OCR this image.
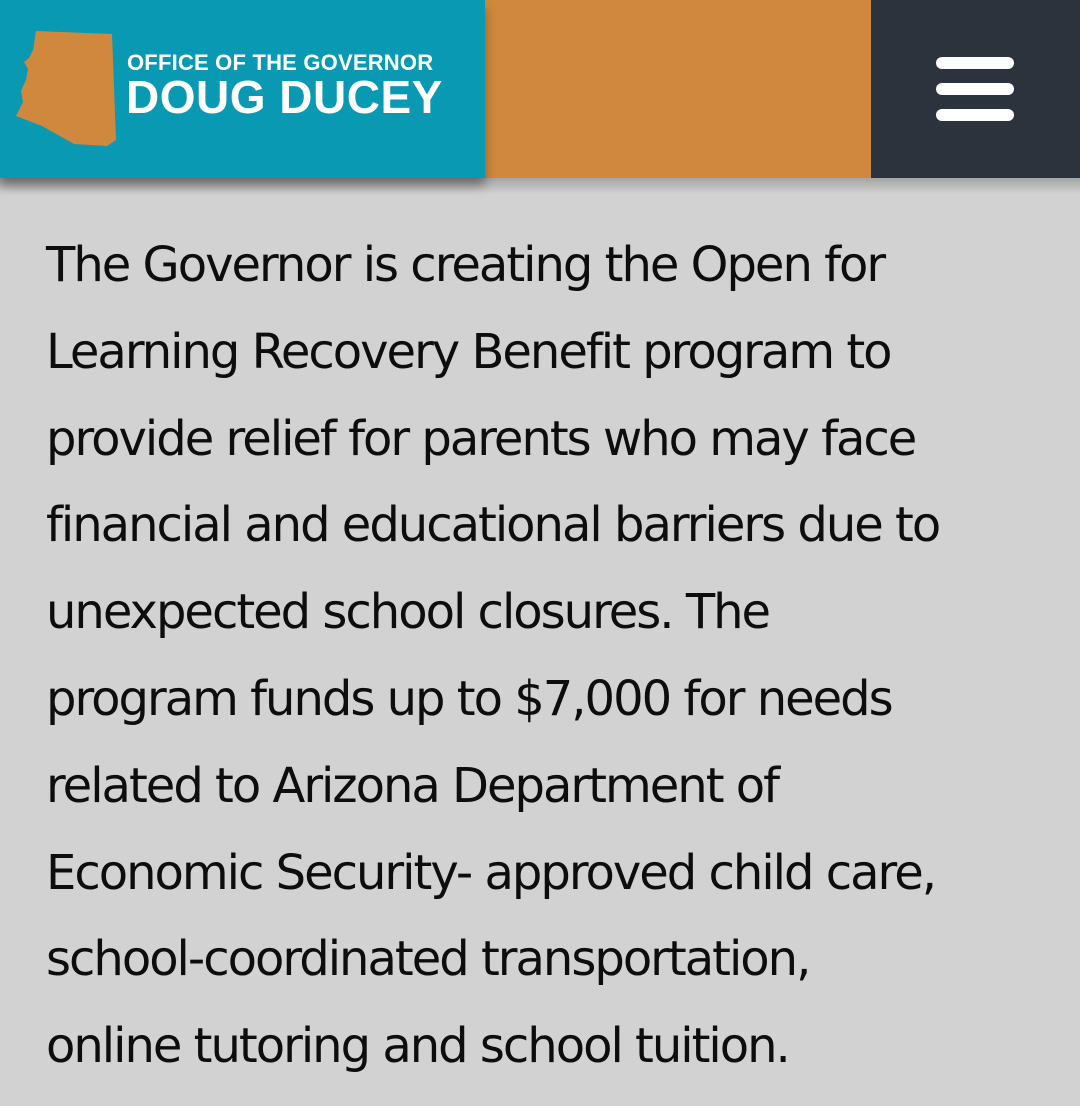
OFFICE OF THE GOVERNOR
DOUG DUCEY

The Governor is creating the Open for
Learning Recovery Benefit program to
provide relief for parents who may face
financial and educational barriers due to
unexpected school closures. The
program funds up to $7,000 for needs
related to Arizona Department of
Economic Security- approved child care,
school-coordinated transportation,
online tutoring and school tuition.
